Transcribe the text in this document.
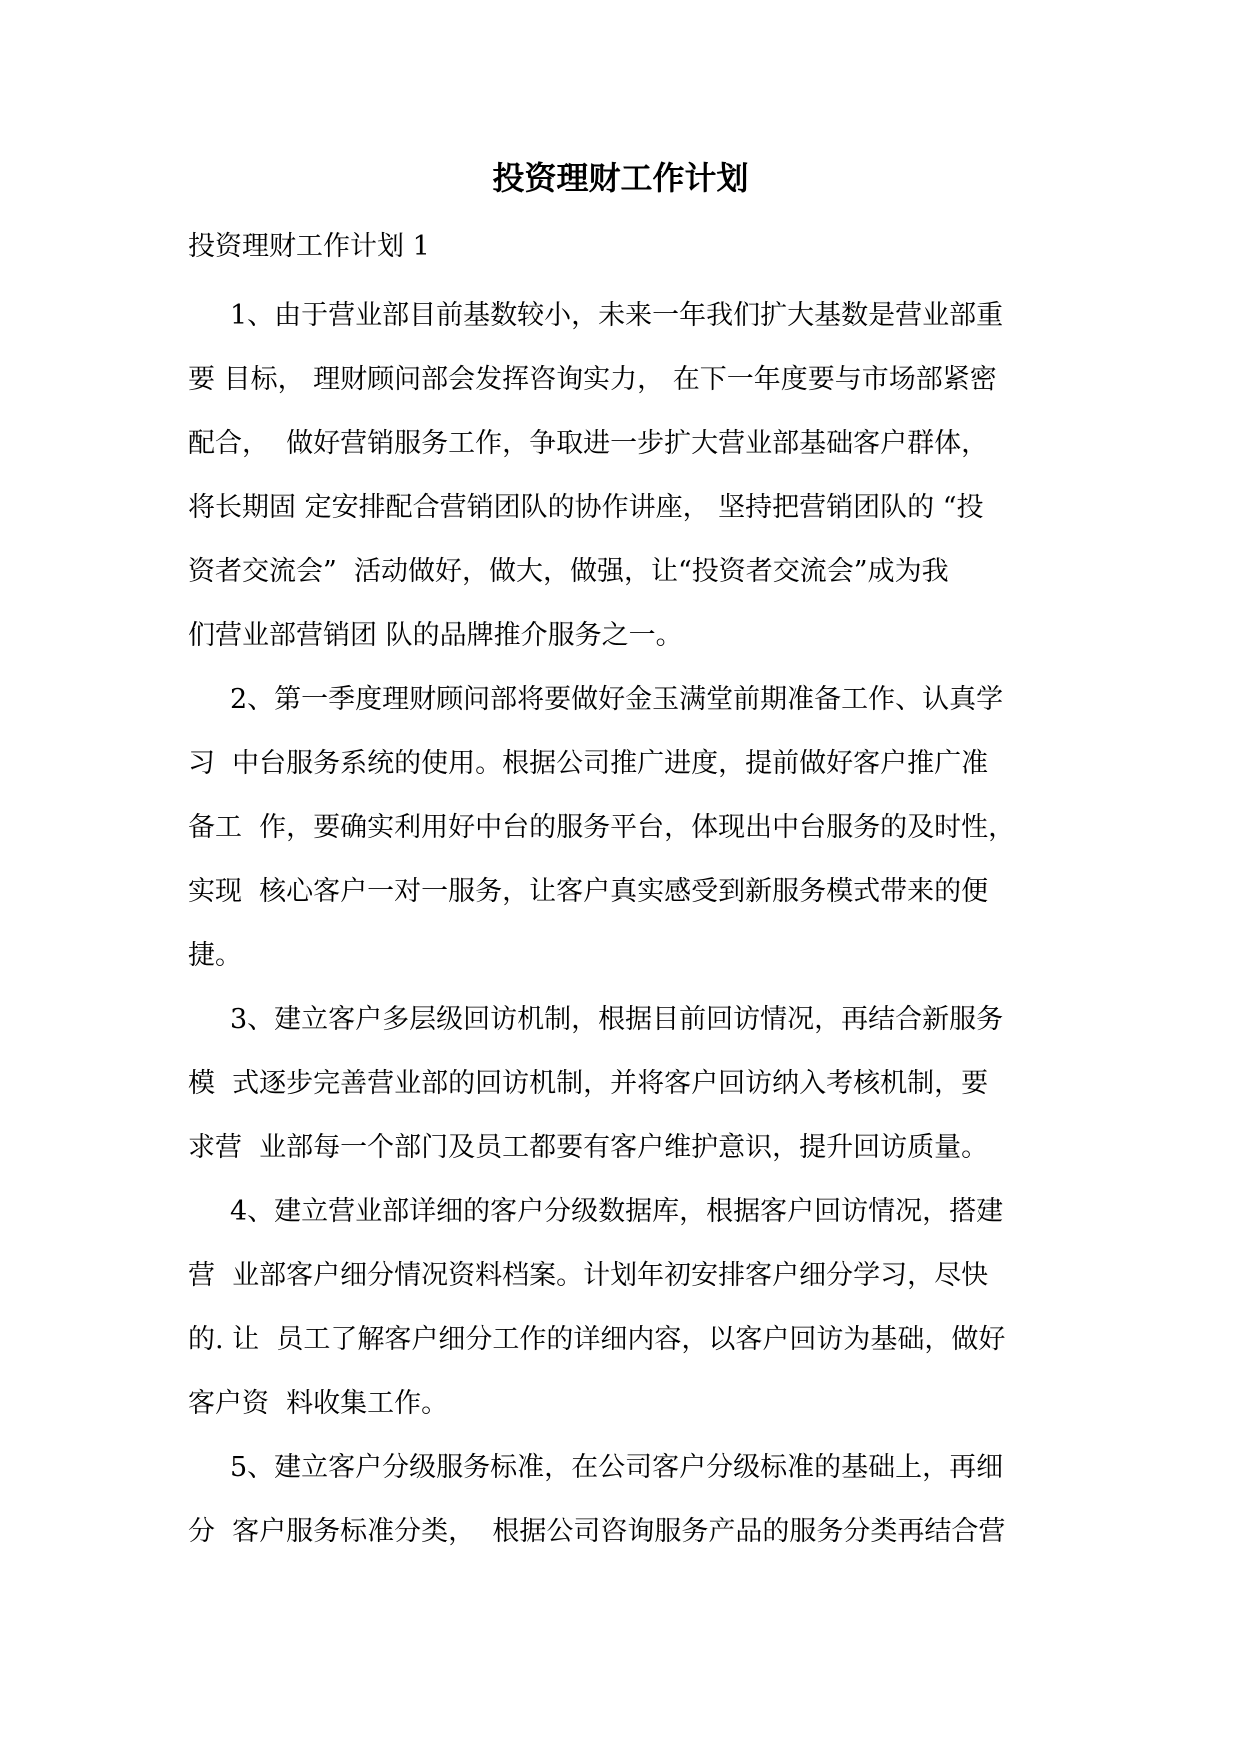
投资理财工作计划
投资理财工作计划 1
1、由于营业部目前基数较小，未来一年我们扩大基数是营业部重
要 目标， 理财顾问部会发挥咨询实力， 在下一年度要与市场部紧密
配合，  做好营销服务工作，争取进一步扩大营业部基础客户群体，
将长期固 定安排配合营销团队的协作讲座， 坚持把营销团队的 “投
资者交流会”  活动做好，做大，做强，让“投资者交流会”成为我
们营业部营销团 队的品牌推介服务之一。
2、第一季度理财顾问部将要做好金玉满堂前期准备工作、认真学
习  中台服务系统的使用。根据公司推广进度，提前做好客户推广准
备工  作，要确实利用好中台的服务平台，体现出中台服务的及时性，
实现  核心客户一对一服务，让客户真实感受到新服务模式带来的便
捷。
3、建立客户多层级回访机制，根据目前回访情况，再结合新服务
模  式逐步完善营业部的回访机制，并将客户回访纳入考核机制，要
求营  业部每一个部门及员工都要有客户维护意识，提升回访质量。
4、建立营业部详细的客户分级数据库，根据客户回访情况，搭建
营  业部客户细分情况资料档案。计划年初安排客户细分学习，尽快
的. 让  员工了解客户细分工作的详细内容，以客户回访为基础，做好
客户资  料收集工作。
5、建立客户分级服务标准，在公司客户分级标准的基础上，再细
分  客户服务标准分类，  根据公司咨询服务产品的服务分类再结合营
